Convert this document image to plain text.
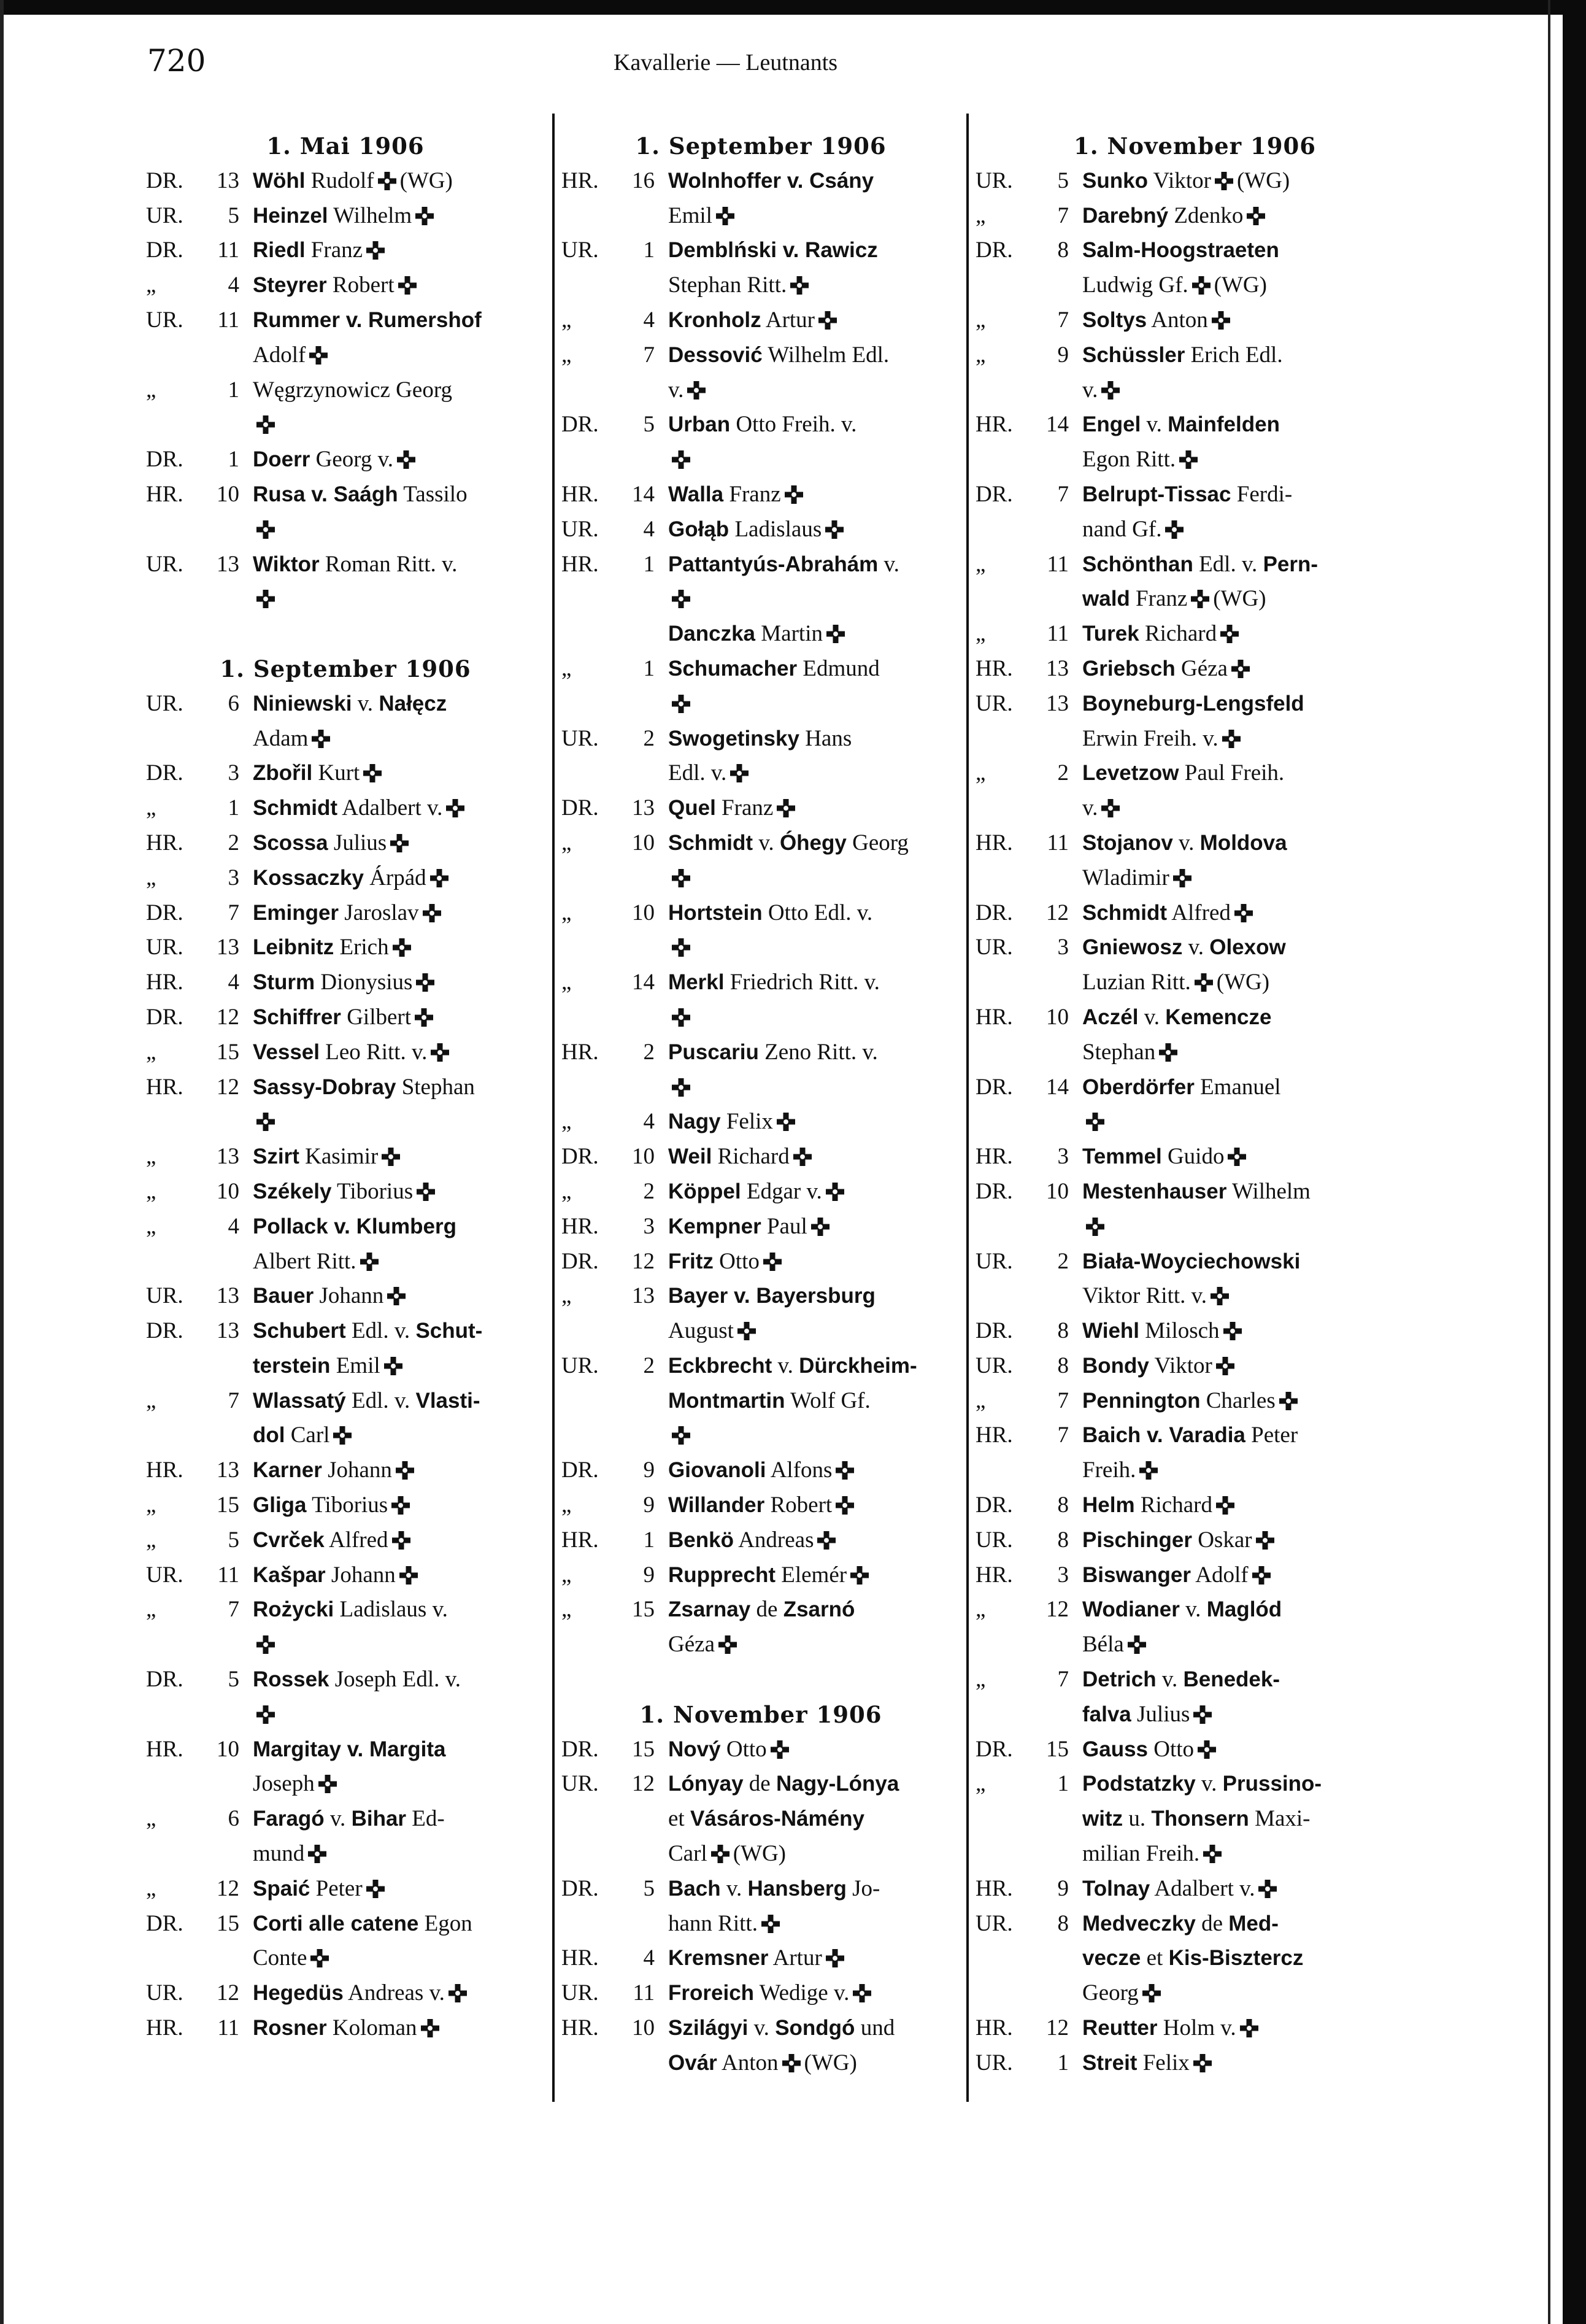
720	Kavallerie — Leutnants
1. Mai 1906
DR.	13 Wöhl Rudolf (WG)
UR.	5 Heinzel Wilhelm
DR.	11 Riedl Franz
„	4 Steyrer Robert
UR.	11 Rummer v. Rumershof
Adolf
„	1 Węgrzynowicz Georg
DR.	1 Doerr Georg v.
HR.	10 Rusa v. Saágh Tassilo
UR.	13 Wiktor Roman Ritt. v.
1. September 1906
UR.	6 Niniewski v. Nałęcz
Adam
DR.	3 Zbořil Kurt
„	1 Schmidt Adalbert v.
HR.	2 Scossa Julius
„	3 Kossaczky Árpád
DR.	7 Eminger Jaroslav
UR.	13 Leibnitz Erich
HR.	4 Sturm Dionysius
DR.	12 Schiffrer Gilbert
„	15 Vessel Leo Ritt. v.
HR.	12 Sassy-Dobray Stephan
„	13 Szirt Kasimir
„	10 Székely Tiborius
„	4 Pollack v. Klumberg
Albert Ritt.
UR.	13 Bauer Johann
DR.	13 Schubert Edl. v. Schut-
terstein Emil
„	7 Wlassatý Edl. v. Vlasti-
dol Carl
HR.	13 Karner Johann
„	15 Gliga Tiborius
„	5 Cvrček Alfred
UR.	11 Kašpar Johann
„	7 Rożycki Ladislaus v.
DR.	5 Rossek Joseph Edl. v.
HR.	10 Margitay v. Margita
Joseph
„	6 Faragó v. Bihar Ed-
mund
„	12 Spaić Peter
DR.	15 Corti alle catene Egon
Conte
UR.	12 Hegedüs Andreas v.
HR.	11 Rosner Koloman
1. September 1906
HR.	16 Wolnhoffer v. Csány
Emil
UR.	1 Demblński v. Rawicz
Stephan Ritt.
„	4 Kronholz Artur
„	7 Dessović Wilhelm Edl.
v.
DR.	5 Urban Otto Freih. v.
HR.	14 Walla Franz
UR.	4 Gołąb Ladislaus
HR.	1 Pattantyús-Abrahám v.
Danczka Martin
„	1 Schumacher Edmund
UR.	2 Swogetinsky Hans
Edl. v.
DR.	13 Quel Franz
„	10 Schmidt v. Óhegy Georg
„	10 Hortstein Otto Edl. v.
„	14 Merkl Friedrich Ritt. v.
HR.	2 Puscariu Zeno Ritt. v.
„	4 Nagy Felix
DR.	10 Weil Richard
„	2 Köppel Edgar v.
HR.	3 Kempner Paul
DR.	12 Fritz Otto
„	13 Bayer v. Bayersburg
August
UR.	2 Eckbrecht v. Dürckheim-
Montmartin Wolf Gf.
DR.	9 Giovanoli Alfons
„	9 Willander Robert
HR.	1 Benkö Andreas
„	9 Rupprecht Elemér
„	15 Zsarnay de Zsarnó
Géza
1. November 1906
DR.	15 Nový Otto
UR.	12 Lónyay de Nagy-Lónya
et Vásáros-Námény
Carl (WG)
DR.	5 Bach v. Hansberg Jo-
hann Ritt.
HR.	4 Kremsner Artur
UR.	11 Froreich Wedige v.
HR.	10 Szilágyi v. Sondgó und
Ovár Anton (WG)
1. November 1906
UR.	5 Sunko Viktor (WG)
„	7 Darebný Zdenko
DR.	8 Salm-Hoogstraeten
Ludwig Gf. (WG)
„	7 Soltys Anton
„	9 Schüssler Erich Edl.
v.
HR.	14 Engel v. Mainfelden
Egon Ritt.
DR.	7 Belrupt-Tissac Ferdi-
nand Gf.
„	11 Schönthan Edl. v. Pern-
wald Franz (WG)
„	11 Turek Richard
HR.	13 Griebsch Géza
UR.	13 Boyneburg-Lengsfeld
Erwin Freih. v.
„	2 Levetzow Paul Freih.
v.
HR.	11 Stojanov v. Moldova
Wladimir
DR.	12 Schmidt Alfred
UR.	3 Gniewosz v. Olexow
Luzian Ritt. (WG)
HR.	10 Aczél v. Kemencze
Stephan
DR.	14 Oberdörfer Emanuel
HR.	3 Temmel Guido
DR.	10 Mestenhauser Wilhelm
UR.	2 Biała-Woyciechowski
Viktor Ritt. v.
DR.	8 Wiehl Milosch
UR.	8 Bondy Viktor
„	7 Pennington Charles
HR.	7 Baich v. Varadia Peter
Freih.
DR.	8 Helm Richard
UR.	8 Pischinger Oskar
HR.	3 Biswanger Adolf
„	12 Wodianer v. Maglód
Béla
„	7 Detrich v. Benedek-
falva Julius
DR.	15 Gauss Otto
„	1 Podstatzky v. Prussino-
witz u. Thonsern Maxi-
milian Freih.
HR.	9 Tolnay Adalbert v.
UR.	8 Medveczky de Med-
vecze et Kis-Bisztercz
Georg
HR.	12 Reutter Holm v.
UR.	1 Streit Felix
